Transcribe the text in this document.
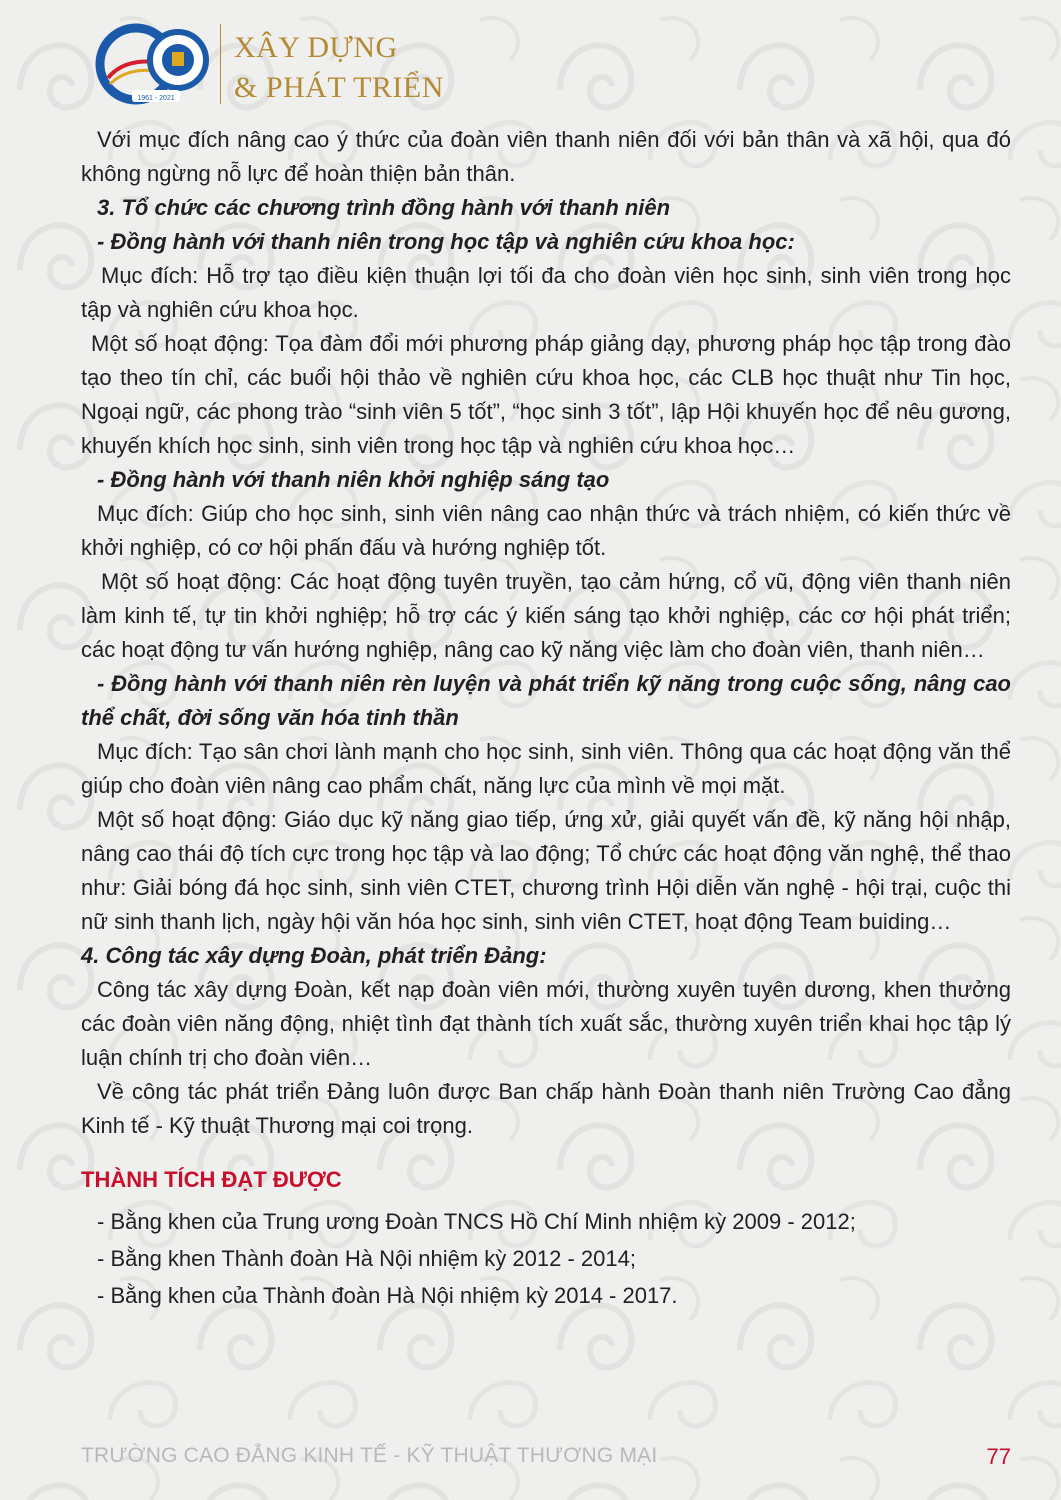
1961 - 2021
XÂY DỰNG
& PHÁT TRIỂN

Với mục đích nâng cao ý thức của đoàn viên thanh niên đối với bản thân và xã hội, qua đó không ngừng nỗ lực để hoàn thiện bản thân.

3. Tổ chức các chương trình đồng hành với thanh niên

- Đồng hành với thanh niên trong học tập và nghiên cứu khoa học:

Mục đích: Hỗ trợ tạo điều kiện thuận lợi tối đa cho đoàn viên học sinh, sinh viên trong học tập và nghiên cứu khoa học.

Một số hoạt động: Tọa đàm đổi mới phương pháp giảng dạy, phương pháp học tập trong đào tạo theo tín chỉ, các buổi hội thảo về nghiên cứu khoa học, các CLB học thuật như Tin học, Ngoại ngữ, các phong trào “sinh viên 5 tốt”, “học sinh 3 tốt”, lập Hội khuyến học để nêu gương, khuyến khích học sinh, sinh viên trong học tập và nghiên cứu khoa học…

- Đồng hành với thanh niên khởi nghiệp sáng tạo

Mục đích: Giúp cho học sinh, sinh viên nâng cao nhận thức và trách nhiệm, có kiến thức về khởi nghiệp, có cơ hội phấn đấu và hướng nghiệp tốt.

Một số hoạt động: Các hoạt động tuyên truyền, tạo cảm hứng, cổ vũ, động viên thanh niên làm kinh tế, tự tin khởi nghiệp; hỗ trợ các ý kiến sáng tạo khởi nghiệp, các cơ hội phát triển; các hoạt động tư vấn hướng nghiệp, nâng cao kỹ năng việc làm cho đoàn viên, thanh niên…

- Đồng hành với thanh niên rèn luyện và phát triển kỹ năng trong cuộc sống, nâng cao thể chất, đời sống văn hóa tinh thần

Mục đích: Tạo sân chơi lành mạnh cho học sinh, sinh viên. Thông qua các hoạt động văn thể giúp cho đoàn viên nâng cao phẩm chất, năng lực của mình về mọi mặt.

Một số hoạt động: Giáo dục kỹ năng giao tiếp, ứng xử, giải quyết vấn đề, kỹ năng hội nhập, nâng cao thái độ tích cực trong học tập và lao động; Tổ chức các hoạt động văn nghệ, thể thao như: Giải bóng đá học sinh, sinh viên CTET, chương trình Hội diễn văn nghệ - hội trại, cuộc thi nữ sinh thanh lịch, ngày hội văn hóa học sinh, sinh viên CTET, hoạt động Team buiding…

4. Công tác xây dựng Đoàn, phát triển Đảng:

Công tác xây dựng Đoàn, kết nạp đoàn viên mới, thường xuyên tuyên dương, khen thưởng các đoàn viên năng động, nhiệt tình đạt thành tích xuất sắc, thường xuyên triển khai học tập lý luận chính trị cho đoàn viên…

Về công tác phát triển Đảng luôn được Ban chấp hành Đoàn thanh niên Trường Cao đẳng Kinh tế - Kỹ thuật Thương mại coi trọng.

THÀNH TÍCH ĐẠT ĐƯỢC

- Bằng khen của Trung ương Đoàn TNCS Hồ Chí Minh nhiệm kỳ 2009 - 2012;

- Bằng khen Thành đoàn Hà Nội nhiệm kỳ 2012 - 2014;

- Bằng khen của Thành đoàn Hà Nội nhiệm kỳ 2014 - 2017.

TRƯỜNG CAO ĐẲNG KINH TẾ - KỸ THUẬT THƯƠNG MẠI	77
